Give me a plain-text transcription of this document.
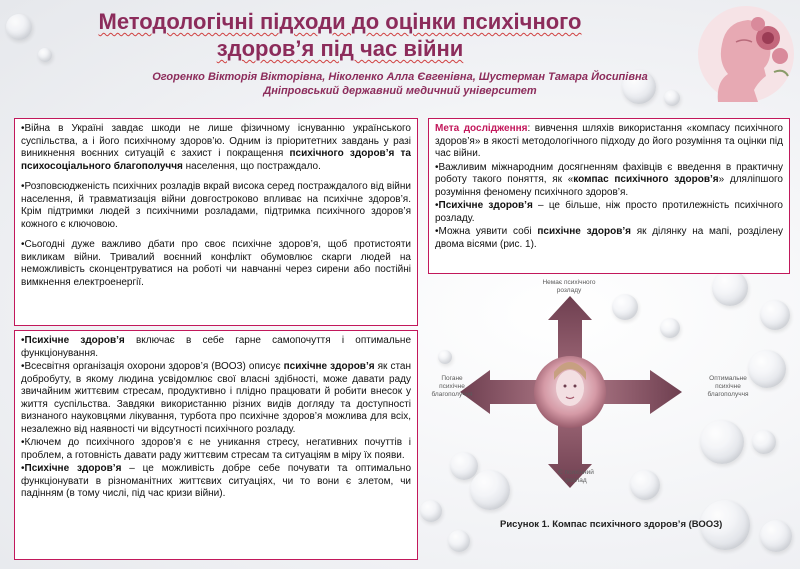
Методологічні підходи до оцінки психічного здоров’я під час війни
Огоренко Вікторія Вікторівна, Ніколенко Алла Євгенівна, Шустерман Тамара Йосипівна
Дніпровський державний медичний університет

•Війна в Україні завдає шкоди не лише фізичному існуванню українського суспільства, а і його психічному здоров’ю. Одним із пріоритетних завдань у разі виникнення воєнних ситуацій є захист і покращення психічного здоров’я та психосоціального благополуччя населення, що постраждало.

•Розповсюдженість психічних розладів вкрай висока серед постраждалого від війни населення, й травматизація війни довгостроково впливає на психічне здоров’я. Крім підтримки людей з психічними розладами, підтримка психічного здоров’я кожного є ключовою.

•Сьогодні дуже важливо дбати про своє психічне здоров’я, щоб протистояти викликам війни. Тривалий воєнний конфлікт обумовлює скарги людей на неможливість сконцентруватися на роботі чи навчанні через сирени або постійні вимкнення електроенергії.

•Психічне здоров’я включає в себе гарне самопочуття і оптимальне функціонування.

•Всесвітня організація охорони здоров’я (ВООЗ) описує психічне здоров’я як стан добробуту, в якому людина усвідомлює свої власні здібності, може давати раду звичайним життєвим стресам, продуктивно і плідно працювати й робити внесок у життя суспільства. Завдяки використанню різних видів догляду та доступності визнаного науковцями лікування, турбота про психічне здоров’я можлива для всіх, незалежно від наявності чи відсутності психічного розладу.

•Ключем до психічного здоров’я є не уникання стресу, негативних почуттів і проблем, а готовність давати раду життєвим стресам та ситуаціям в міру їх появи.

•Психічне здоров’я – це можливість добре себе почувати та оптимально функціонувати в різноманітних життєвих ситуаціях, чи то вони є злетом, чи падінням (в тому числі, під час кризи війни).

Мета дослідження: вивчення шляхів використання «компасу психічного здоров’я» в якості методологічного підходу до його розуміння та оцінки під час війни.

•Важливим міжнародним досягненням фахівців є введення в практичну роботу такого поняття, як «компас психічного здоров’я» дляліпшого розуміння феномену психічного здоров’я.

•Психічне здоров’я – це більше, ніж просто протилежність психічного розладу.

•Можна уявити собі психічне здоров’я як ділянку на мапі, розділену двома вісями (рис. 1).

Немає психічного розладу
Є психічний розлад
Погане психічне благополуччя
Оптимальне психічне благополуччя
Рисунок 1. Компас психічного здоров’я (ВООЗ)
